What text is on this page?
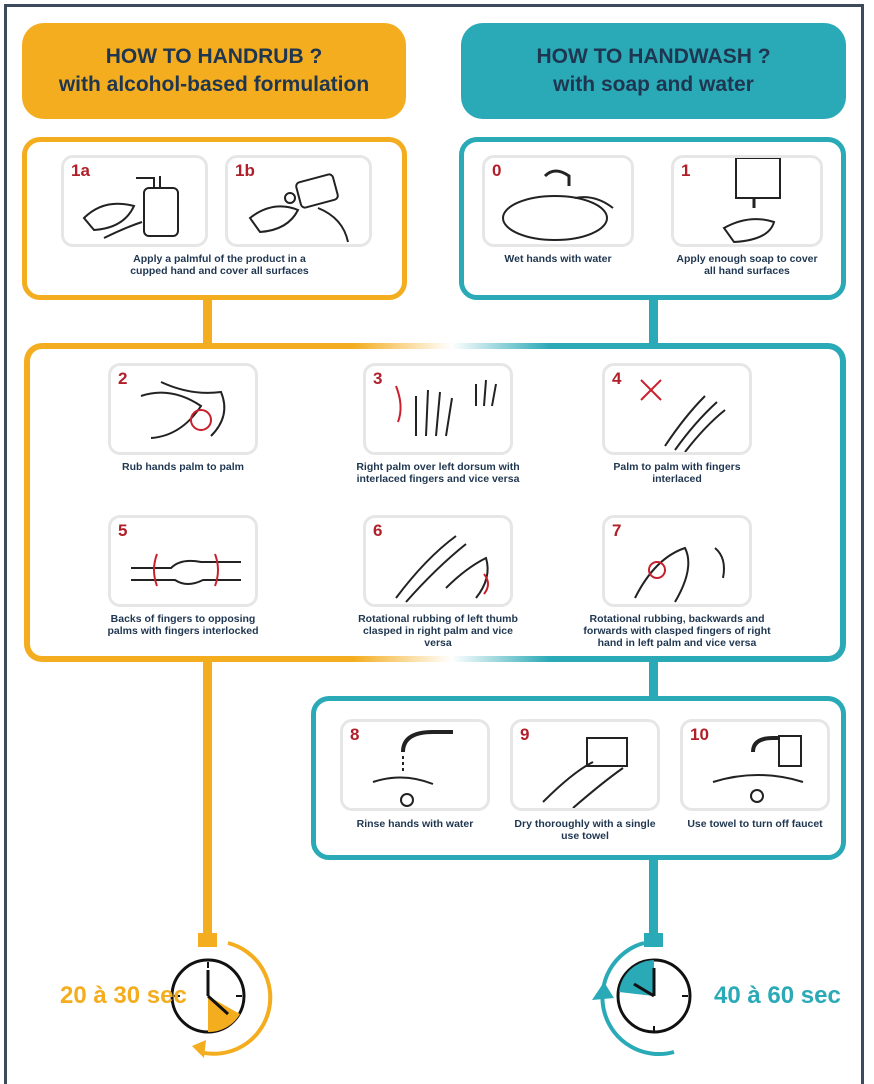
HOW TO HANDRUB ?
with alcohol-based formulation
HOW TO HANDWASH ?
with soap and water
1a	1b
Apply a palmful of the product in a cupped hand and cover all surfaces
0	1
Wet hands with water	Apply enough soap to cover all hand surfaces
2	3	4
Rub hands palm to palm	Right palm over left dorsum with interlaced fingers and vice versa
Palm to palm with fingers interlaced
5	6	7
Backs of fingers to opposing palms with fingers interlocked
Rotational rubbing of left thumb clasped in right palm and vice versa
Rotational rubbing, backwards and forwards with clasped fingers of right hand in left palm and vice versa
8	9	10
Rinse hands with water	Dry thoroughly with a single use towel
Use towel to turn off faucet
20 à 30 sec	40 à 60 sec
